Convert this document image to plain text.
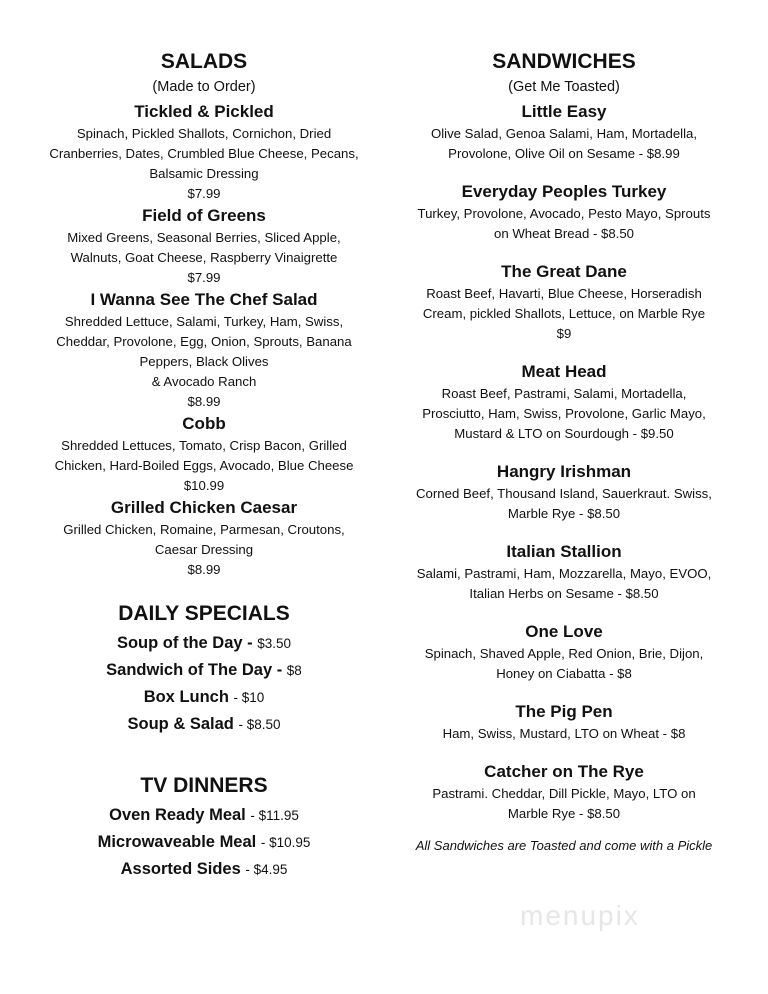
SALADS
(Made to Order)
Tickled & Pickled
Spinach, Pickled Shallots, Cornichon, Dried
Cranberries, Dates, Crumbled Blue Cheese, Pecans,
Balsamic Dressing
$7.99
Field of Greens
Mixed Greens, Seasonal Berries, Sliced Apple,
Walnuts, Goat Cheese, Raspberry Vinaigrette
$7.99
I Wanna See The Chef Salad
Shredded Lettuce, Salami, Turkey, Ham, Swiss,
Cheddar, Provolone, Egg, Onion, Sprouts, Banana
Peppers, Black Olives
& Avocado Ranch
$8.99
Cobb
Shredded Lettuces, Tomato, Crisp Bacon, Grilled
Chicken, Hard-Boiled Eggs, Avocado, Blue Cheese
$10.99
Grilled Chicken Caesar
Grilled Chicken, Romaine, Parmesan, Croutons,
Caesar Dressing
$8.99
DAILY SPECIALS
Soup of the Day - $3.50
Sandwich of The Day - $8
Box Lunch - $10
Soup & Salad - $8.50
TV DINNERS
Oven Ready Meal - $11.95
Microwaveable Meal - $10.95
Assorted Sides - $4.95
SANDWICHES
(Get Me Toasted)
Little Easy
Olive Salad, Genoa Salami, Ham, Mortadella,
Provolone, Olive Oil on Sesame - $8.99
Everyday Peoples Turkey
Turkey, Provolone, Avocado, Pesto Mayo, Sprouts
on Wheat Bread - $8.50
The Great Dane
Roast Beef, Havarti, Blue Cheese, Horseradish
Cream, pickled Shallots, Lettuce, on Marble Rye
$9
Meat Head
Roast Beef, Pastrami, Salami, Mortadella,
Prosciutto, Ham, Swiss, Provolone, Garlic Mayo,
Mustard & LTO on Sourdough - $9.50
Hangry Irishman
Corned Beef, Thousand Island, Sauerkraut. Swiss,
Marble Rye - $8.50
Italian Stallion
Salami, Pastrami, Ham, Mozzarella, Mayo, EVOO,
Italian Herbs on Sesame - $8.50
One Love
Spinach, Shaved Apple, Red Onion, Brie, Dijon,
Honey on Ciabatta - $8
The Pig Pen
Ham, Swiss, Mustard, LTO on Wheat - $8
Catcher on The Rye
Pastrami. Cheddar, Dill Pickle, Mayo, LTO on
Marble Rye - $8.50
All Sandwiches are Toasted and come with a Pickle
menupix
